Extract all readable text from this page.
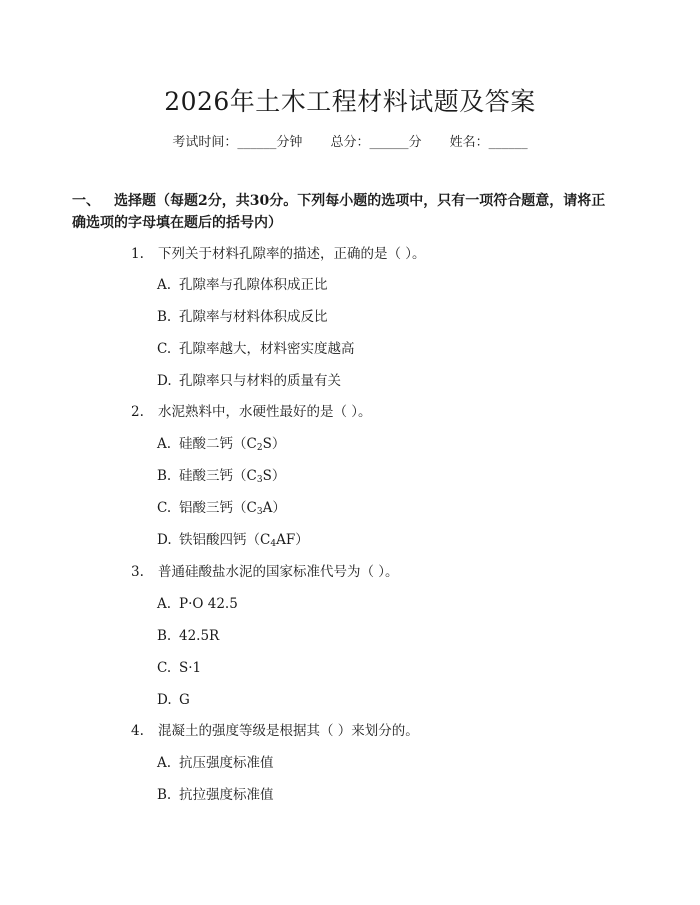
2026年土木工程材料试题及答案
考试时间：______分钟 总分：______分 姓名：______
一、 选择题（每题2分，共30分。下列每小题的选项中，只有一项符合题意，请将正确选项的字母填在题后的括号内）
1. 下列关于材料孔隙率的描述，正确的是（ ）。
A. 孔隙率与孔隙体积成正比
B. 孔隙率与材料体积成反比
C. 孔隙率越大，材料密实度越高
D. 孔隙率只与材料的质量有关
2. 水泥熟料中，水硬性最好的是（ ）。
A. 硅酸二钙$(C_2S)$
B. 硅酸三钙$(C_3S)$
C. 铝酸三钙$(C_3A)$
D. 铁铝酸四钙$(C_4AF)$
3. 普通硅酸盐水泥的国家标准代号为（ ）。
A. P·O 42.5
B. 42.5R
C. S·1
D. G
4. 混凝土的强度等级是根据其（ ）来划分的。
A. 抗压强度标准值
B. 抗拉强度标准值
